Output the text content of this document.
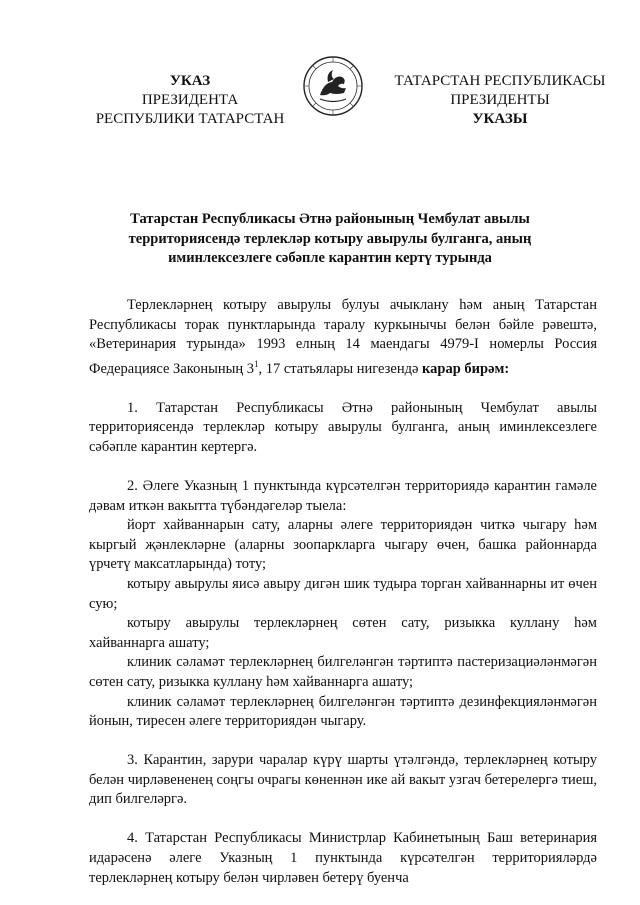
УКАЗ
ПРЕЗИДЕНТА
РЕСПУБЛИКИ ТАТАРСТАН
ТАТАРСТАН РЕСПУБЛИКАСЫ
ПРЕЗИДЕНТЫ
УКАЗЫ
Татарстан Республикасы Әтнә районының Чембулат авылы территориясендә терлекләр котыру авырулы булганга, аның иминлексезлеге сәбәпле карантин кертү турында

Терлекләрнең котыру авырулы булуы ачыклану һәм аның Татарстан Республикасы торак пунктларында таралу куркынычы белән бәйле рәвештә, «Ветеринария турында» 1993 елның 14 маендагы 4979-I номерлы Россия Федерациясе Законының $3^1$, 17 статьялары нигезендә карар бирәм:

1. Татарстан Республикасы Әтнә районының Чембулат авылы территориясендә терлекләр котыру авырулы булганга, аның иминлексезлеге сәбәпле карантин кертергә.

2. Әлеге Указның 1 пунктында күрсәтелгән территориядә карантин гамәле дәвам иткән вакытта түбәндәгеләр тыела:

йорт хайваннарын сату, аларны әлеге территориядән читкә чыгару һәм кыргый җәнлекләрне (аларны зоопаркларга чыгару өчен, башка районнарда үрчетү максатларында) тоту;

котыру авырулы яисә авыру дигән шик тудыра торган хайваннарны ит өчен сую;

котыру авырулы терлекләрнең сөтен сату, ризыкка куллану һәм хайваннарга ашату;

клиник сәламәт терлекләрнең билгеләнгән тәртиптә пастеризациәләнмәгән сөтен сату, ризыкка куллану һәм хайваннарга ашату;

клиник сәламәт терлекләрнең билгеләнгән тәртиптә дезинфекцияләнмәгән йонын, тиресен әлеге территориядән чыгару.

3. Карантин, зарури чаралар күрү шарты үтәлгәндә, терлекләрнең котыру белән чирләвененең соңгы очрагы көненнән ике ай вакыт узгач бетерелергә тиеш, дип билгеләргә.

4. Татарстан Республикасы Министрлар Кабинетының Баш ветеринария идарәсенә әлеге Указның 1 пунктында күрсәтелгән территорияләрдә терлекләрнең котыру белән чирләвен бетерү буенча
